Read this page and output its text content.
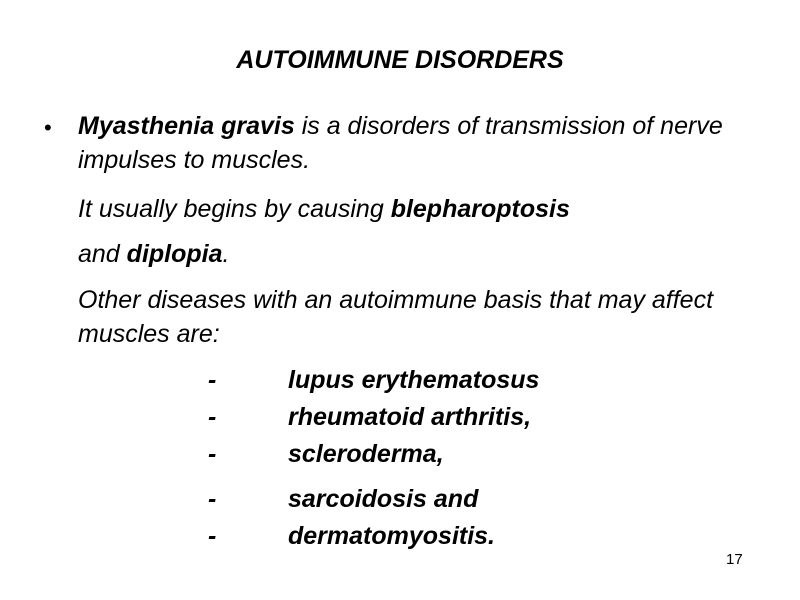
AUTOIMMUNE DISORDERS
• Myasthenia gravis is a disorders of transmission of nerve impulses to muscles.
It usually begins by causing blepharoptosis
and diplopia.
Other diseases with an autoimmune basis that may affect muscles are:
-	lupus erythematosus
-	rheumatoid arthritis,
-	scleroderma,
-	sarcoidosis and
-	dermatomyositis.
17
